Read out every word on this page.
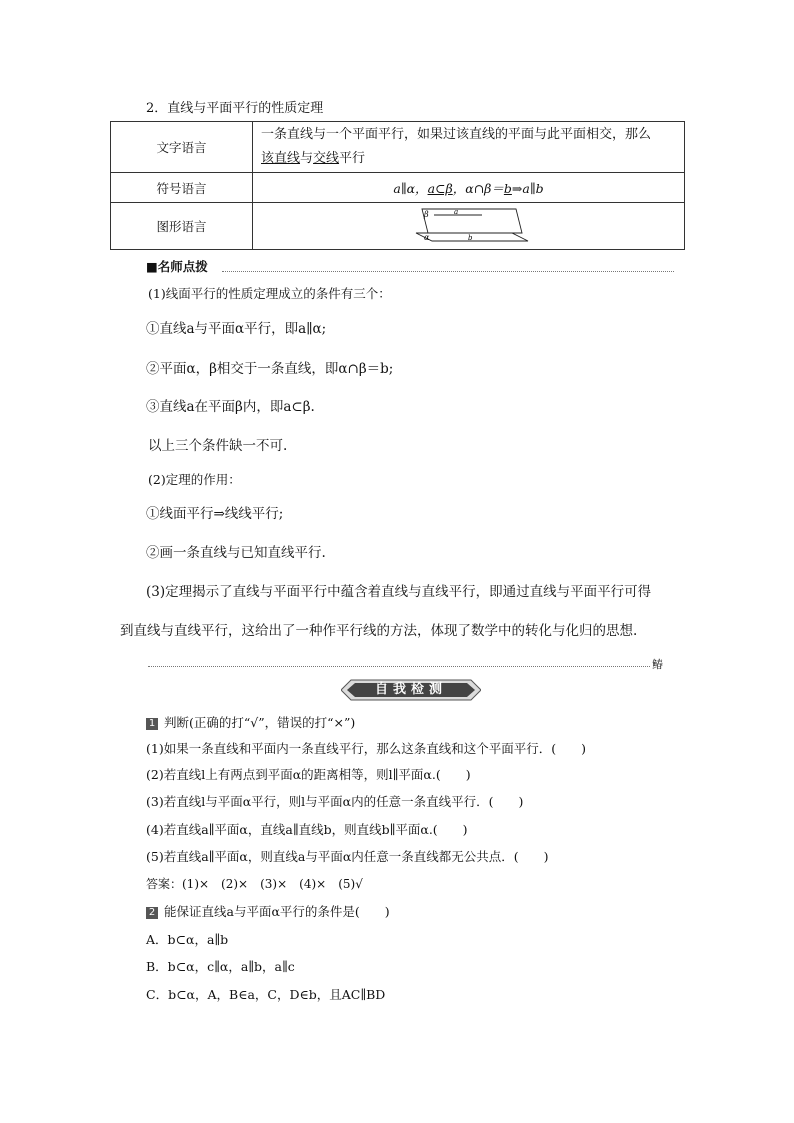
2．直线与平面平行的性质定理
文字语言	一条直线与一个平面平行，如果过该直线的平面与此平面相交，那么
该直线与交线平行
符号语言	a∥α，a⊂β，α∩β＝b⇒a∥b
图形语言	β a
α b
■名师点拨
(1)线面平行的性质定理成立的条件有三个：
①直线a与平面α平行，即a∥α;
②平面α，β相交于一条直线，即α∩β＝b;
③直线a在平面β内，即a⊂β.
以上三个条件缺一不可.
(2)定理的作用：
①线面平行⇒线线平行;
②画一条直线与已知直线平行.
(3)定理揭示了直线与平面平行中蕴含着直线与直线平行，即通过直线与平面平行可得
到直线与直线平行，这给出了一种作平行线的方法，体现了数学中的转化与化归的思想.
䲠
自我检测
1 判断(正确的打“√”，错误的打“×”)
(1)如果一条直线和平面内一条直线平行，那么这条直线和这个平面平行．(　　)
(2)若直线l上有两点到平面α的距离相等，则l∥平面α.(　　)
(3)若直线l与平面α平行，则l与平面α内的任意一条直线平行．(　　)
(4)若直线a∥平面α，直线a∥直线b，则直线b∥平面α.(　　)
(5)若直线a∥平面α，则直线a与平面α内任意一条直线都无公共点．(　　)
答案：(1)×　(2)×　(3)×　(4)×　(5)√
2 能保证直线a与平面α平行的条件是(　　)
A．b⊂α，a∥b
B．b⊂α，c∥α，a∥b，a∥c
C．b⊂α，A，B∈a，C，D∈b，且AC∥BD
